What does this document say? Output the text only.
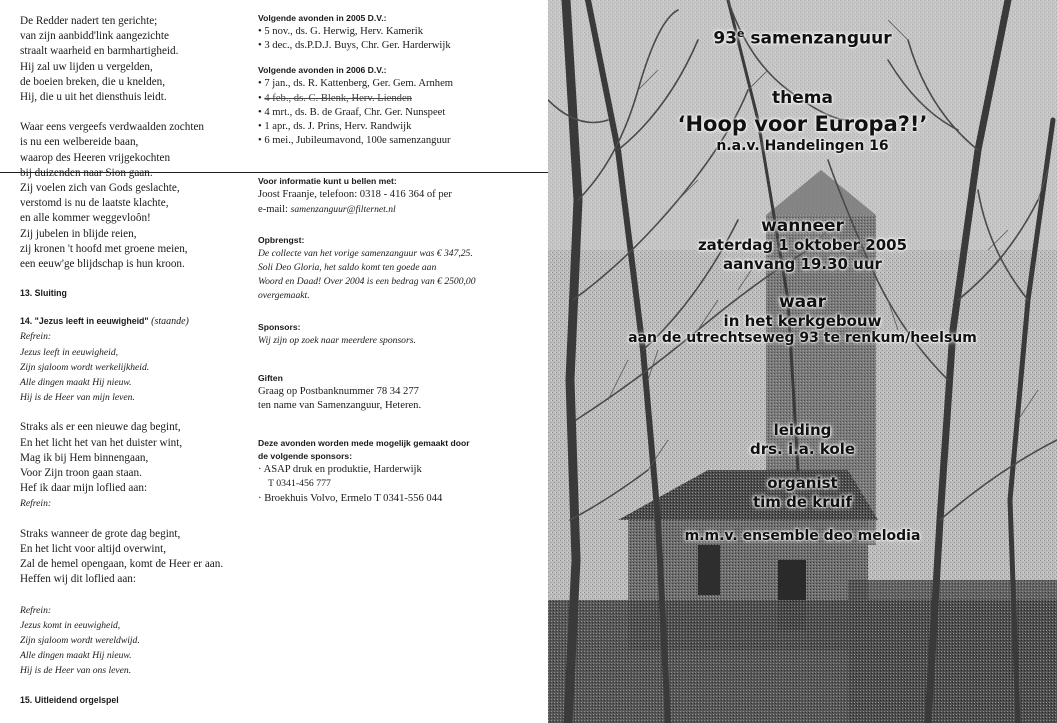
De Redder nadert ten gerichte;
van zijn aanbidd'link aangezichte
straalt waarheid en barmhartigheid.
Hij zal uw lijden u vergelden,
de boeien breken, die u knelden,
Hij, die u uit het diensthuis leidt.
Waar eens vergeefs verdwaalden zochten
is nu een welbereide baan,
waarop des Heeren vrijgekochten
Zij voelen zich van Gods geslachte,
verstomd is nu de laatste klachte,
en alle kommer weggevloôn!
Zij jubelen in blijde reien,
zij kronen 't hoofd met groene meien,
een eeuw'ge blijdschap is hun kroon.
13. Sluiting
14. "Jezus leeft in eeuwigheid" (staande)
Refrein:
Jezus leeft in eeuwigheid,
Zijn sjaloom wordt werkelijkheid.
Alle dingen maakt Hij nieuw.
Hij is de Heer van mijn leven.
Straks als er een nieuwe dag begint,
En het licht het van het duister wint,
Mag ik bij Hem binnengaan,
Voor Zijn troon gaan staan.
Hef ik daar mijn loflied aan:
Refrein:
Straks wanneer de grote dag begint,
En het licht voor altijd overwint,
Zal de hemel opengaan, komt de Heer er aan.
Heffen wij dit loflied aan:
Refrein:
Jezus komt in eeuwigheid,
Zijn sjaloom wordt wereldwijd.
Alle dingen maakt Hij nieuw.
Hij is de Heer van ons leven.
15. Uitleidend orgelspel
Volgende avonden in 2005 D.V.:
• 5 nov., ds. G. Herwig, Herv. Kamerik
• 3 dec., ds.P.D.J. Buys, Chr. Ger. Harderwijk
Volgende avonden in 2006 D.V.:
• 7 jan., ds. R. Kattenberg, Ger. Gem. Arnhem
• 4 feb., ds. C. Blenk, Herv. Lienden
• 4 mrt., ds. B. de Graaf, Chr. Ger. Nunspeet
• 1 apr., ds. J. Prins, Herv. Randwijk
• 6 mei., Jubileumavond, 100e samenzanguur
Voor informatie kunt u bellen met:
Joost Fraanje, telefoon: 0318 - 416 364 of per
e-mail: samenzanguur@filternet.nl
Opbrengst:
De collecte van het vorige samenzanguur was € 347,25.
Soli Deo Gloria, het saldo komt ten goede aan
Woord en Daad! Over 2004 is een bedrag van € 2500,00
overgemaakt.
Sponsors:
Wij zijn op zoek naar meerdere sponsors.
Giften
Graag op Postbanknummer 78 34 277
ten name van Samenzanguur, Heteren.
Deze avonden worden mede mogelijk gemaakt door
de volgende sponsors:
· ASAP druk en produktie, Harderwijk
T 0341-456 777
· Broekhuis Volvo, Ermelo T 0341-556 044
93e samenzanguur
thema
‘Hoop voor Europa?!’
n.a.v. Handelingen 16
wanneer
zaterdag 1 oktober 2005
aanvang 19.30 uur
waar
in het kerkgebouw
aan de utrechtseweg 93 te renkum/heelsum
leiding
drs. i.a. kole
organist
tim de kruif
m.m.v. ensemble deo melodia
